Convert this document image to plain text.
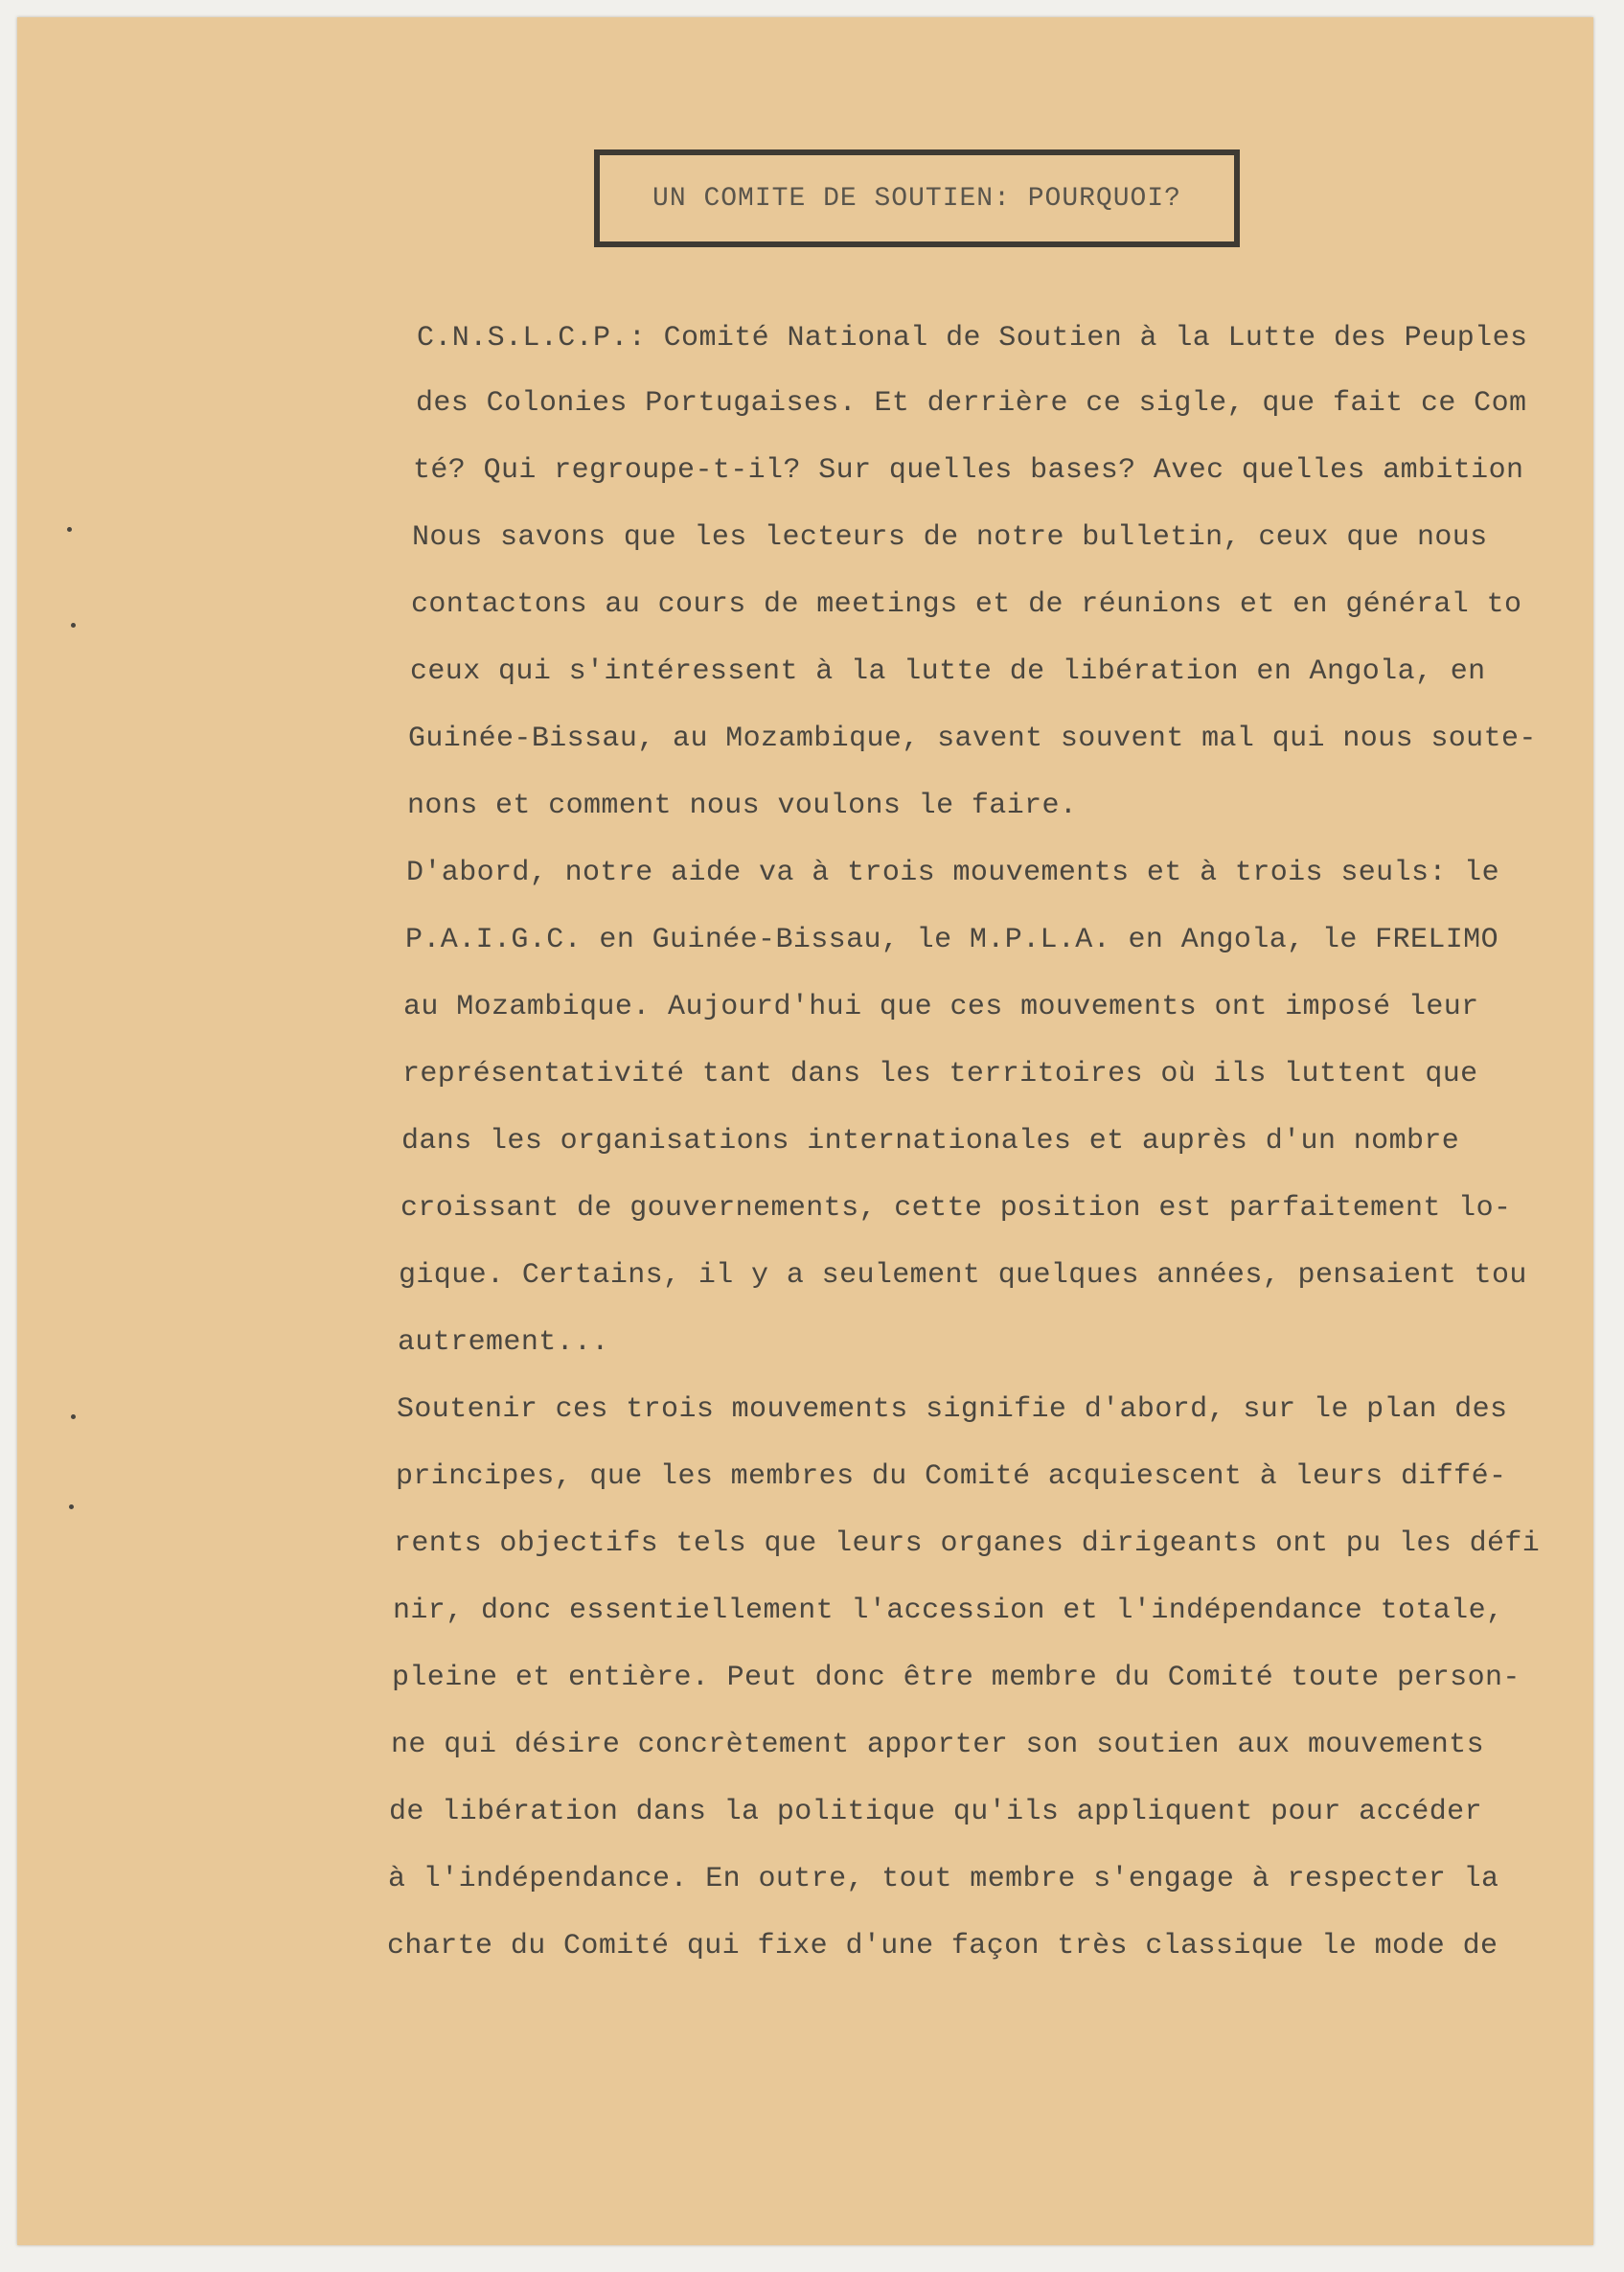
UN COMITE DE SOUTIEN: POURQUOI?
C.N.S.L.C.P.: Comité National de Soutien à la Lutte des Peuples
des Colonies Portugaises. Et derrière ce sigle, que fait ce Com
té? Qui regroupe-t-il? Sur quelles bases? Avec quelles ambition
Nous savons que les lecteurs de notre bulletin, ceux que nous
contactons au cours de meetings et de réunions et en général to
ceux qui s'intéressent à la lutte de libération en Angola, en
Guinée-Bissau, au Mozambique, savent souvent mal qui nous soute-
nons et comment nous voulons le faire.
D'abord, notre aide va à trois mouvements et à trois seuls: le
P.A.I.G.C. en Guinée-Bissau, le M.P.L.A. en Angola, le FRELIMO
au Mozambique. Aujourd'hui que ces mouvements ont imposé leur
représentativité tant dans les territoires où ils luttent que
dans les organisations internationales et auprès d'un nombre
croissant de gouvernements, cette position est parfaitement lo-
gique. Certains, il y a seulement quelques années, pensaient tou
autrement...
Soutenir ces trois mouvements signifie d'abord, sur le plan des
principes, que les membres du Comité acquiescent à leurs diffé-
rents objectifs tels que leurs organes dirigeants ont pu les défi
nir, donc essentiellement l'accession et l'indépendance totale,
pleine et entière. Peut donc être membre du Comité toute person-
ne qui désire concrètement apporter son soutien aux mouvements
de libération dans la politique qu'ils appliquent pour accéder
à l'indépendance. En outre, tout membre s'engage à respecter la
charte du Comité qui fixe d'une façon très classique le mode de
